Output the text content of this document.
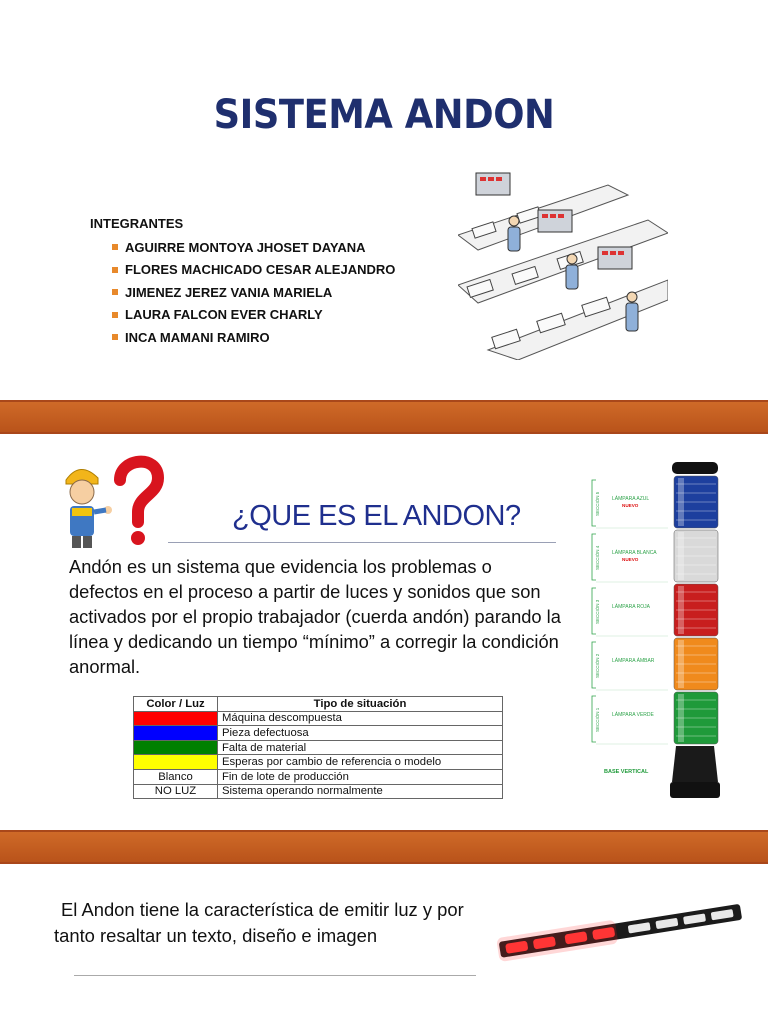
SISTEMA ANDON
INTEGRANTES
AGUIRRE MONTOYA JHOSET DAYANA
FLORES MACHICADO CESAR ALEJANDRO
JIMENEZ JEREZ VANIA MARIELA
LAURA FALCON EVER CHARLY
INCA MAMANI RAMIRO
¿QUE ES EL ANDON?
Andón es un sistema que evidencia los problemas o defectos en el proceso a partir de luces y sonidos que son activados por el propio trabajador (cuerda andón) parando la línea y dedicando un tiempo “mínimo” a corregir la condición anormal.
Color / Luz	Tipo de situación
	Máquina descompuesta
	Pieza defectuosa
	Falta de material
	Esperas por cambio de referencia o modelo
Blanco	Fin de lote de producción
NO LUZ	Sistema operando normalmente
SECCIÓN 5 LÁMPARA AZUL
NUEVO
SECCIÓN 4 LÁMPARA BLANCA
NUEVO
SECCIÓN 3 LÁMPARA ROJA
SECCIÓN 2 LÁMPARA ÁMBAR
SECCIÓN 1 LÁMPARA VERDE
BASE VERTICAL
El Andon tiene la característica de emitir luz y por tanto resaltar un texto, diseño e imagen
